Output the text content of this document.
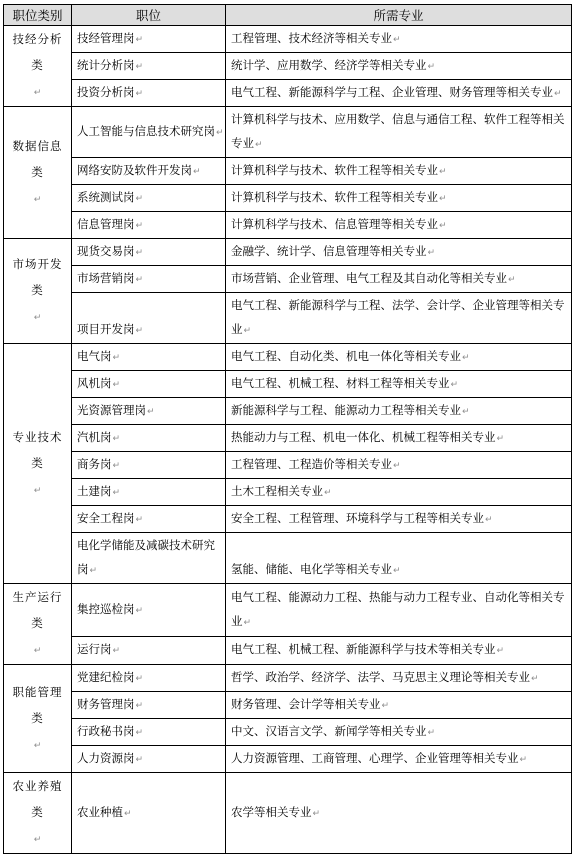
职位类别	职位	所需专业
技经分析类↵	技经管理岗↵	工程管理、技术经济等相关专业↵
	统计分析岗↵	统计学、应用数学、经济学等相关专业↵
	投资分析岗↵	电气工程、新能源科学与工程、企业管理、财务管理等相关专业↵
数据信息类↵	人工智能与信息技术研究岗↵	计算机科学与技术、应用数学、信息与通信工程、软件工程等相关专业↵
	网络安防及软件开发岗↵	计算机科学与技术、软件工程等相关专业↵
	系统测试岗↵	计算机科学与技术、软件工程等相关专业↵
	信息管理岗↵	计算机科学与技术、信息管理等相关专业↵
市场开发类↵	现货交易岗↵	金融学、统计学、信息管理等相关专业↵
	市场营销岗↵	市场营销、企业管理、电气工程及其自动化等相关专业↵
	项目开发岗↵	电气工程、新能源科学与工程、法学、会计学、企业管理等相关专业↵
专业技术类↵	电气岗↵	电气工程、自动化类、机电一体化等相关专业↵
	风机岗↵	电气工程、机械工程、材料工程等相关专业↵
	光资源管理岗↵	新能源科学与工程、能源动力工程等相关专业↵
	汽机岗↵	热能动力与工程、机电一体化、机械工程等相关专业↵
	商务岗↵	工程管理、工程造价等相关专业↵
	土建岗↵	土木工程相关专业↵
	安全工程岗↵	安全工程、工程管理、环境科学与工程等相关专业↵
	电化学储能及减碳技术研究岗↵	氢能、储能、电化学等相关专业↵
生产运行类↵	集控巡检岗↵	电气工程、能源动力工程、热能与动力工程专业、自动化等相关专业↵
	运行岗↵	电气工程、机械工程、新能源科学与技术等相关专业↵
职能管理类↵	党建纪检岗↵	哲学、政治学、经济学、法学、马克思主义理论等相关专业↵
	财务管理岗↵	财务管理、会计学等相关专业↵
	行政秘书岗↵	中文、汉语言文学、新闻学等相关专业↵
	人力资源岗↵	人力资源管理、工商管理、心理学、企业管理等相关专业↵
农业养殖类↵	农业种植↵	农学等相关专业↵
